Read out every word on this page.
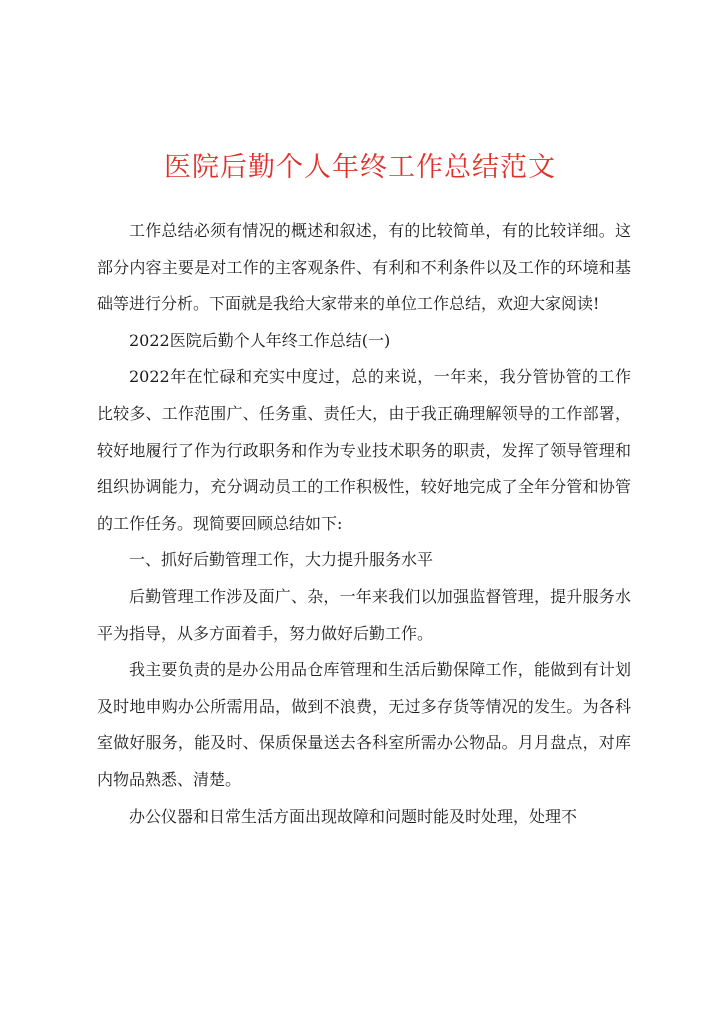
医院后勤个人年终工作总结范文

工作总结必须有情况的概述和叙述，有的比较简单，有的比较详细。这部分内容主要是对工作的主客观条件、有利和不利条件以及工作的环境和基础等进行分析。下面就是我给大家带来的单位工作总结，欢迎大家阅读!

2022医院后勤个人年终工作总结(一)

2022年在忙碌和充实中度过，总的来说，一年来，我分管协管的工作比较多、工作范围广、任务重、责任大，由于我正确理解领导的工作部署，较好地履行了作为行政职务和作为专业技术职务的职责，发挥了领导管理和组织协调能力，充分调动员工的工作积极性，较好地完成了全年分管和协管的工作任务。现简要回顾总结如下:

一、抓好后勤管理工作，大力提升服务水平

后勤管理工作涉及面广、杂，一年来我们以加强监督管理，提升服务水平为指导，从多方面着手，努力做好后勤工作。

我主要负责的是办公用品仓库管理和生活后勤保障工作，能做到有计划及时地申购办公所需用品，做到不浪费，无过多存货等情况的发生。为各科室做好服务，能及时、保质保量送去各科室所需办公物品。月月盘点，对库内物品熟悉、清楚。

办公仪器和日常生活方面出现故障和问题时能及时处理，处理不
